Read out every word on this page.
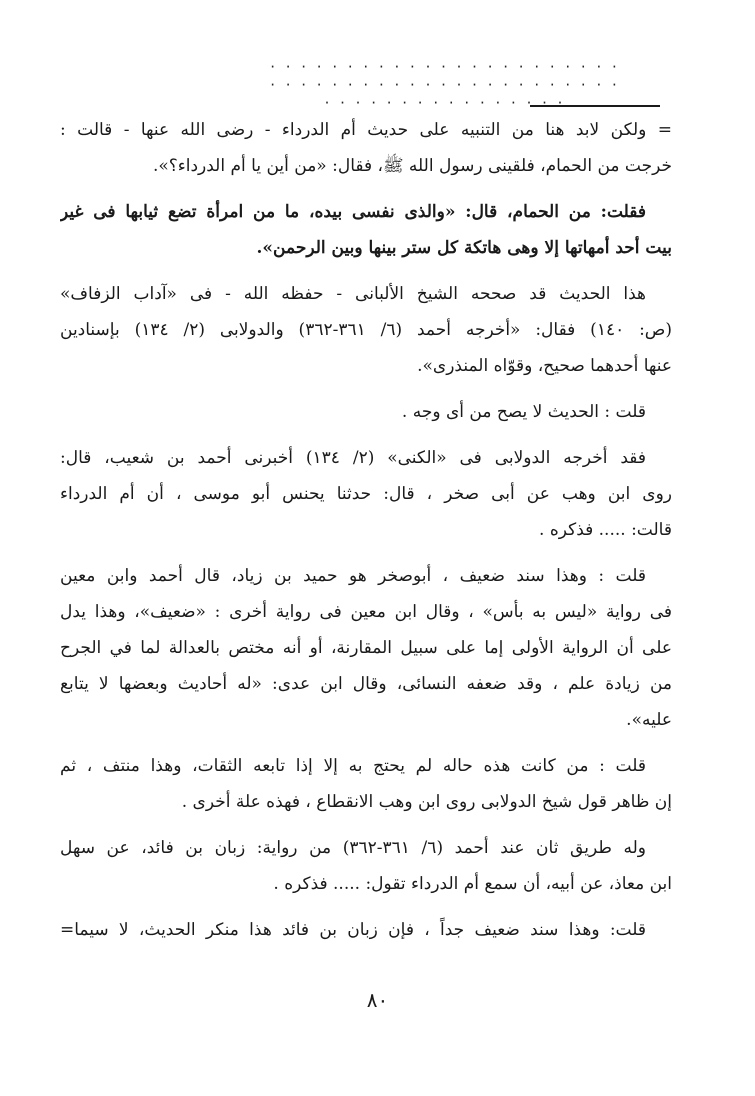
· · · · · · · · · · · · · · · · · · · · · · · · · · · · · · · · · · · · · · · · · · · · · · · · · · · · · · · · · · · · · ·
= ولكن لابد هنا من التنبيه على حديث أم الدرداء - رضى الله عنها - قالت :
خرجت من الحمام، فلقينى رسول الله ﷺ، فقال: «من أين يا أم الدرداء؟».
فقلت: من الحمام، قال: «والذى نفسى بيده، ما من امرأة تضع ثيابها فى غير
بيت أحد أمهاتها إلا وهى هاتكة كل ستر بينها وبين الرحمن».
هذا الحديث قد صححه الشيخ الألبانى - حفظه الله - فى «آداب الزفاف»
(ص: ١٤٠) فقال: «أخرجه أحمد (٦/ ٣٦١-٣٦٢) والدولابى (٢/ ١٣٤) بإسنادين
عنها أحدهما صحيح، وقوّاه المنذرى».
قلت : الحديث لا يصح من أى وجه .
فقد أخرجه الدولابى فى «الكنى» (٢/ ١٣٤) أخبرنى أحمد بن شعيب، قال:
روى ابن وهب عن أبى صخر ، قال: حدثنا يحنس أبو موسى ، أن أم الدرداء
قالت: ..... فذكره .
قلت : وهذا سند ضعيف ، أبوصخر هو حميد بن زياد، قال أحمد وابن معين
فى رواية «ليس به بأس» ، وقال ابن معين فى رواية أخرى : «ضعيف»، وهذا يدل
على أن الرواية الأولى إما على سبيل المقارنة، أو أنه مختص بالعدالة لما في الجرح
من زيادة علم ، وقد ضعفه النسائى، وقال ابن عدى: «له أحاديث وبعضها لا يتابع
عليه».
قلت : من كانت هذه حاله لم يحتج به إلا إذا تابعه الثقات، وهذا منتف ، ثم
إن ظاهر قول شيخ الدولابى روى ابن وهب الانقطاع ، فهذه علة أخرى .
وله طريق ثان عند أحمد (٦/ ٣٦١-٣٦٢) من رواية: زبان بن فائد، عن سهل
ابن معاذ، عن أبيه، أن سمع أم الدرداء تقول: ..... فذكره .
قلت: وهذا سند ضعيف جداً ، فإن زبان بن فائد هذا منكر الحديث، لا سيما=
٨٠
